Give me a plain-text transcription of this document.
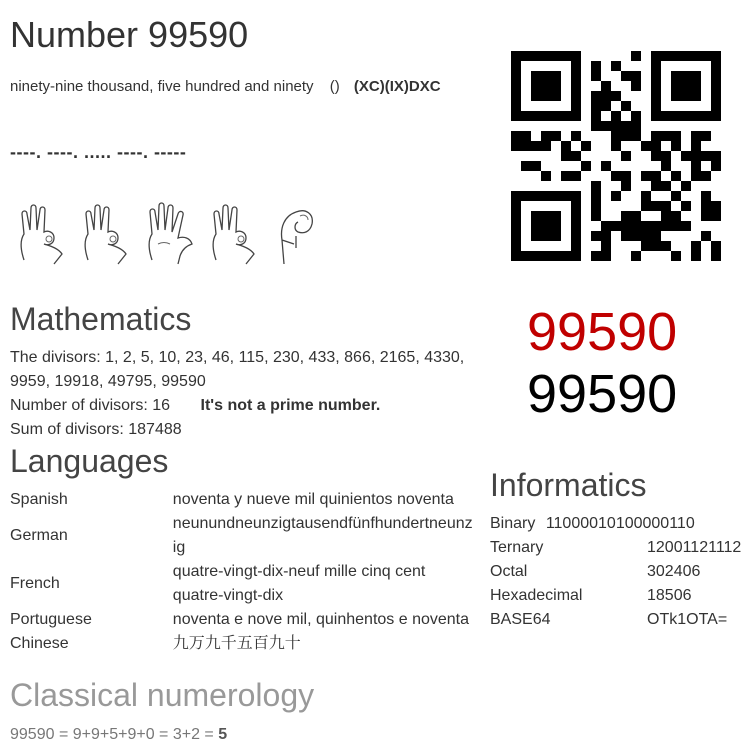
Number 99590
ninety-nine thousand, five hundred and ninety () (XC)(IX)DXC
----. ----. ..... ----. -----
99590
99590
Mathematics
The divisors: 1, 2, 5, 10, 23, 46, 115, 230, 433, 866, 2165, 4330,
9959, 19918, 49795, 99590
Number of divisors: 16 It's not a prime number.
Sum of divisors: 187488
Languages
Spanish	noventa y nueve mil quinientos noventa
German	neunundneunzigtausendfünfhundertneunz ig
French	quatre-vingt-dix-neuf mille cinq cent quatre-vingt-dix
Portuguese	noventa e nove mil, quinhentos e noventa
Chinese	九万九千五百九十
Informatics
Binary 11000010100000110	
Ternary	12001121112
Octal	302406
Hexadecimal	18506
BASE64	OTk1OTA=
Classical numerology
99590 = 9+9+5+9+0 = 3+2 = 5
